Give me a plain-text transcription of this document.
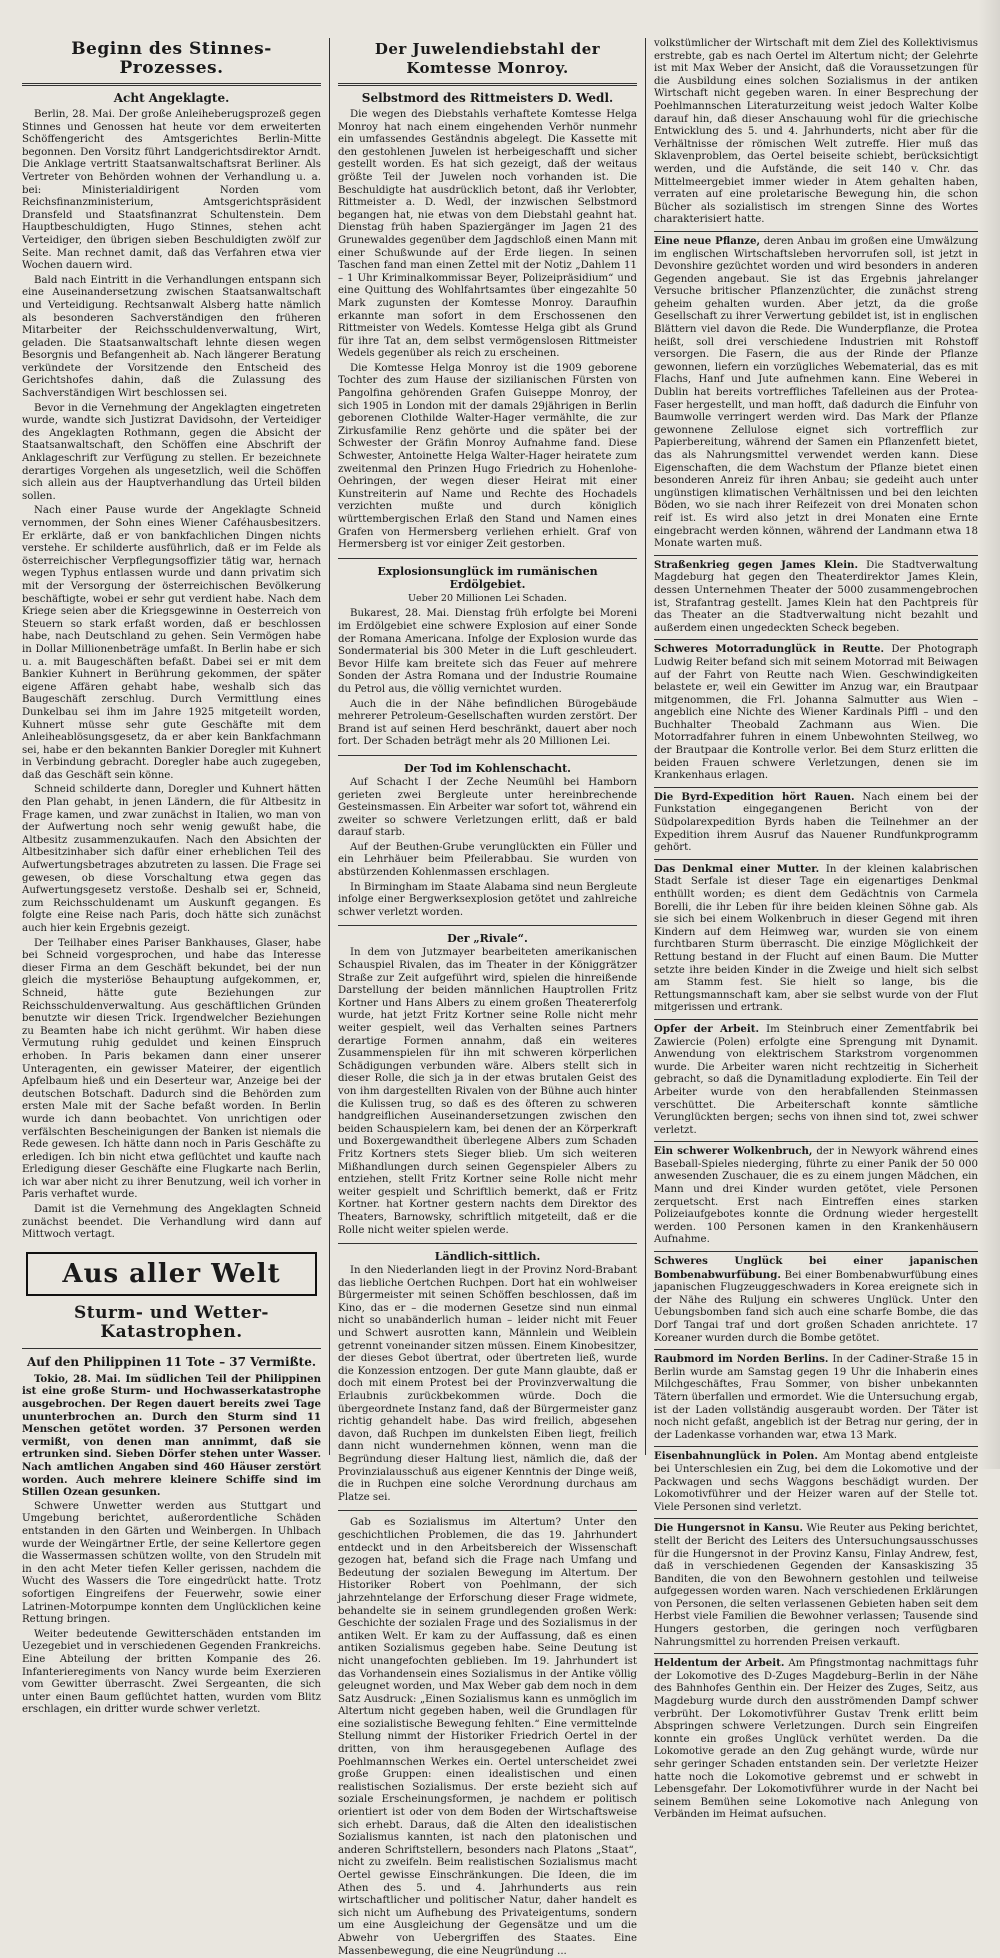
Beginn des Stinnes-Prozesses.
Acht Angeklagte.

Berlin, 28. Mai. Der große Anleiheberugsprozeß gegen Stinnes und Genossen hat heute vor dem erweiterten Schöffengericht des Amtsgerichtes Berlin-Mitte begonnen. Den Vorsitz führt Landgerichtsdirektor Arndt. Die Anklage vertritt Staatsanwaltschaftsrat Berliner. Als Vertreter von Behörden wohnen der Verhandlung u. a. bei: Ministerialdirigent Norden vom Reichsfinanzministerium, Amtsgerichtspräsident Dransfeld und Staatsfinanzrat Schultenstein. Dem Hauptbeschuldigten, Hugo Stinnes, stehen acht Verteidiger, den übrigen sieben Beschuldigten zwölf zur Seite. Man rechnet damit, daß das Verfahren etwa vier Wochen dauern wird.

Bald nach Eintritt in die Verhandlungen entspann sich eine Auseinandersetzung zwischen Staatsanwaltschaft und Verteidigung. Rechtsanwalt Alsberg hatte nämlich als besonderen Sachverständigen den früheren Mitarbeiter der Reichsschuldenverwaltung, Wirt, geladen. Die Staatsanwaltschaft lehnte diesen wegen Besorgnis und Befangenheit ab. Nach längerer Beratung verkündete der Vorsitzende den Entscheid des Gerichtshofes dahin, daß die Zulassung des Sachverständigen Wirt beschlossen sei.

Bevor in die Vernehmung der Angeklagten eingetreten wurde, wandte sich Justizrat Davidsohn, der Verteidiger des Angeklagten Rothmann, gegen die Absicht der Staatsanwaltschaft, den Schöffen eine Abschrift der Anklageschrift zur Verfügung zu stellen. Er bezeichnete derartiges Vorgehen als ungesetzlich, weil die Schöffen sich allein aus der Hauptverhandlung das Urteil bilden sollen.

Nach einer Pause wurde der Angeklagte Schneid vernommen, der Sohn eines Wiener Caféhausbesitzers. Er erklärte, daß er von bankfachlichen Dingen nichts verstehe. Er schilderte ausführlich, daß er im Felde als österreichischer Verpflegungsoffizier tätig war, hernach wegen Typhus entlassen wurde und dann privatim sich mit der Versorgung der österreichischen Bevölkerung beschäftigte, wobei er sehr gut verdient habe. Nach dem Kriege seien aber die Kriegsgewinne in Oesterreich von Steuern so stark erfaßt worden, daß er beschlossen habe, nach Deutschland zu gehen. Sein Vermögen habe in Dollar Millionenbeträge umfaßt. In Berlin habe er sich u. a. mit Baugeschäften befaßt. Dabei sei er mit dem Bankier Kuhnert in Berührung gekommen, der später eigene Affären gehabt habe, weshalb sich das Baugeschäft zerschlug. Durch Vermittlung eines Dunkelbau sei ihm im Jahre 1925 mitgeteilt worden, Kuhnert müsse sehr gute Geschäfte mit dem Anleiheablösungsgesetz, da er aber kein Bankfachmann sei, habe er den bekannten Bankier Doregler mit Kuhnert in Verbindung gebracht. Doregler habe auch zugegeben, daß das Geschäft sein könne.

Schneid schilderte dann, Doregler und Kuhnert hätten den Plan gehabt, in jenen Ländern, die für Altbesitz in Frage kamen, und zwar zunächst in Italien, wo man von der Aufwertung noch sehr wenig gewußt habe, die Altbesitz zusammenzukaufen. Nach den Absichten der Altbesitzinhaber sich dafür einer erheblichen Teil des Aufwertungsbetrages abzutreten zu lassen. Die Frage sei gewesen, ob diese Vorschaltung etwa gegen das Aufwertungsgesetz verstoße. Deshalb sei er, Schneid, zum Reichsschuldenamt um Auskunft gegangen. Es folgte eine Reise nach Paris, doch hätte sich zunächst auch hier kein Ergebnis gezeigt.

Der Teilhaber eines Pariser Bankhauses, Glaser, habe bei Schneid vorgesprochen, und habe das Interesse dieser Firma an dem Geschäft bekundet, bei der nun gleich die mysteriöse Behauptung aufgekommen, er, Schneid, hätte gute Beziehungen zur Reichsschuldenverwaltung. Aus geschäftlichen Gründen benutzte wir diesen Trick. Irgendwelcher Beziehungen zu Beamten habe ich nicht gerühmt. Wir haben diese Vermutung ruhig geduldet und keinen Einspruch erhoben. In Paris bekamen dann einer unserer Unteragenten, ein gewisser Mateirer, der eigentlich Apfelbaum hieß und ein Deserteur war, Anzeige bei der deutschen Botschaft. Dadurch sind die Behörden zum ersten Male mit der Sache befaßt worden. In Berlin wurde ich dann beobachtet. Von unrichtigen oder verfälschten Bescheinigungen der Banken ist niemals die Rede gewesen. Ich hätte dann noch in Paris Geschäfte zu erledigen. Ich bin nicht etwa geflüchtet und kaufte nach Erledigung dieser Geschäfte eine Flugkarte nach Berlin, ich war aber nicht zu ihrer Benutzung, weil ich vorher in Paris verhaftet wurde.

Damit ist die Vernehmung des Angeklagten Schneid zunächst beendet. Die Verhandlung wird dann auf Mittwoch vertagt.

Aus aller Welt
Sturm- und Wetter-Katastrophen.
Auf den Philippinen 11 Tote – 37 Vermißte.

Tokio, 28. Mai. Im südlichen Teil der Philippinen ist eine große Sturm- und Hochwasserkatastrophe ausgebrochen. Der Regen dauert bereits zwei Tage ununterbrochen an. Durch den Sturm sind 11 Menschen getötet worden. 37 Personen werden vermißt, von denen man annimmt, daß sie ertrunken sind. Sieben Dörfer stehen unter Wasser. Nach amtlichen Angaben sind 460 Häuser zerstört worden. Auch mehrere kleinere Schiffe sind im Stillen Ozean gesunken.

Schwere Unwetter werden aus Stuttgart und Umgebung berichtet, außerordentliche Schäden entstanden in den Gärten und Weinbergen. In Uhlbach wurde der Weingärtner Ertle, der seine Kellertore gegen die Wassermassen schützen wollte, von den Strudeln mit in den acht Meter tiefen Keller gerissen, nachdem die Wucht des Wassers die Tore eingedrückt hatte. Trotz sofortigen Eingreifens der Feuerwehr, sowie einer Latrinen-Motorpumpe konnten dem Unglücklichen keine Rettung bringen.

Weiter bedeutende Gewitterschäden entstanden im Uezegebiet und in verschiedenen Gegenden Frankreichs. Eine Abteilung der britten Kompanie des 26. Infanterieregiments von Nancy wurde beim Exerzieren vom Gewitter überrascht. Zwei Sergeanten, die sich unter einen Baum geflüchtet hatten, wurden vom Blitz erschlagen, ein dritter wurde schwer verletzt.

Der Juwelendiebstahl der Komtesse Monroy.
Selbstmord des Rittmeisters D. Wedl.

Die wegen des Diebstahls verhaftete Komtesse Helga Monroy hat nach einem eingehenden Verhör nunmehr ein umfassendes Geständnis abgelegt. Die Kassette mit den gestohlenen Juwelen ist herbeigeschafft und sicher gestellt worden. Es hat sich gezeigt, daß der weitaus größte Teil der Juwelen noch vorhanden ist. Die Beschuldigte hat ausdrücklich betont, daß ihr Verlobter, Rittmeister a. D. Wedl, der inzwischen Selbstmord begangen hat, nie etwas von dem Diebstahl geahnt hat. Dienstag früh haben Spaziergänger im Jagen 21 des Grunewaldes gegenüber dem Jagdschloß einen Mann mit einer Schußwunde auf der Erde liegen. In seinen Taschen fand man einen Zettel mit der Notiz „Dahlem 11 – 1 Uhr Kriminalkommissar Beyer, Polizeipräsidium“ und eine Quittung des Wohlfahrtsamtes über eingezahlte 50 Mark zugunsten der Komtesse Monroy. Daraufhin erkannte man sofort in dem Erschossenen den Rittmeister von Wedels. Komtesse Helga gibt als Grund für ihre Tat an, dem selbst vermögenslosen Rittmeister Wedels gegenüber als reich zu erscheinen.

Die Komtesse Helga Monroy ist die 1909 geborene Tochter des zum Hause der sizilianischen Fürsten von Pangolfina gehörenden Grafen Guiseppe Monroy, der sich 1905 in London mit der damals 29jährigen in Berlin geborenen Clothilde Walter-Hager vermählte, die zur Zirkusfamilie Renz gehörte und die später bei der Schwester der Gräfin Monroy Aufnahme fand. Diese Schwester, Antoinette Helga Walter-Hager heiratete zum zweitenmal den Prinzen Hugo Friedrich zu Hohenlohe-Oehringen, der wegen dieser Heirat mit einer Kunstreiterin auf Name und Rechte des Hochadels verzichten mußte und durch königlich württembergischen Erlaß den Stand und Namen eines Grafen von Hermersberg verliehen erhielt. Graf von Hermersberg ist vor einiger Zeit gestorben.

Explosionsunglück im rumänischen Erdölgebiet.
Ueber 20 Millionen Lei Schaden.

Bukarest, 28. Mai. Dienstag früh erfolgte bei Moreni im Erdölgebiet eine schwere Explosion auf einer Sonde der Romana Americana. Infolge der Explosion wurde das Sondermaterial bis 300 Meter in die Luft geschleudert. Bevor Hilfe kam breitete sich das Feuer auf mehrere Sonden der Astra Romana und der Industrie Roumaine du Petrol aus, die völlig vernichtet wurden.

Auch die in der Nähe befindlichen Bürogebäude mehrerer Petroleum-Gesellschaften wurden zerstört. Der Brand ist auf seinen Herd beschränkt, dauert aber noch fort. Der Schaden beträgt mehr als 20 Millionen Lei.

Der Tod im Kohlenschacht.

Auf Schacht I der Zeche Neumühl bei Hamborn gerieten zwei Bergleute unter hereinbrechende Gesteinsmassen. Ein Arbeiter war sofort tot, während ein zweiter so schwere Verletzungen erlitt, daß er bald darauf starb.

Auf der Beuthen-Grube verunglückten ein Füller und ein Lehrhäuer beim Pfeilerabbau. Sie wurden von abstürzenden Kohlenmassen erschlagen.

In Birmingham im Staate Alabama sind neun Bergleute infolge einer Bergwerksexplosion getötet und zahlreiche schwer verletzt worden.

Der „Rivale“.

In dem von Jutzmayer bearbeiteten amerikanischen Schauspiel Rivalen, das im Theater in der Königgrätzer Straße zur Zeit aufgeführt wird, spielen die hinreißende Darstellung der beiden männlichen Hauptrollen Fritz Kortner und Hans Albers zu einem großen Theatererfolg wurde, hat jetzt Fritz Kortner seine Rolle nicht mehr weiter gespielt, weil das Verhalten seines Partners derartige Formen annahm, daß ein weiteres Zusammenspielen für ihn mit schweren körperlichen Schädigungen verbunden wäre. Albers stellt sich in dieser Rolle, die sich ja in der etwas brutalen Geist des von ihm dargestellten Rivalen von der Bühne auch hinter die Kulissen trug, so daß es des öfteren zu schweren handgreiflichen Auseinandersetzungen zwischen den beiden Schauspielern kam, bei denen der an Körperkraft und Boxergewandtheit überlegene Albers zum Schaden Fritz Kortners stets Sieger blieb. Um sich weiteren Mißhandlungen durch seinen Gegenspieler Albers zu entziehen, stellt Fritz Kortner seine Rolle nicht mehr weiter gespielt und Schriftlich bemerkt, daß er Fritz Kortner. hat Kortner gestern nachts dem Direktor des Theaters, Barnowsky, schriftlich mitgeteilt, daß er die Rolle nicht weiter spielen werde.

Ländlich-sittlich.

In den Niederlanden liegt in der Provinz Nord-Brabant das liebliche Oertchen Ruchpen. Dort hat ein wohlweiser Bürgermeister mit seinen Schöffen beschlossen, daß im Kino, das er – die modernen Gesetze sind nun einmal nicht so unabänderlich human – leider nicht mit Feuer und Schwert ausrotten kann, Männlein und Weiblein getrennt voneinander sitzen müssen. Einem Kinobesitzer, der dieses Gebot übertrat, oder übertreten ließ, wurde die Konzession entzogen. Der gute Mann glaubte, daß er doch mit einem Protest bei der Provinzverwaltung die Erlaubnis zurückbekommen würde. Doch die übergeordnete Instanz fand, daß der Bürgermeister ganz richtig gehandelt habe. Das wird freilich, abgesehen davon, daß Ruchpen im dunkelsten Eiben liegt, freilich dann nicht wundernehmen können, wenn man die Begründung dieser Haltung liest, nämlich die, daß der Provinzialausschuß aus eigener Kenntnis der Dinge weiß, die in Ruchpen eine solche Verordnung durchaus am Platze sei.

Gab es Sozialismus im Altertum? Unter den geschichtlichen Problemen, die das 19. Jahrhundert entdeckt und in den Arbeitsbereich der Wissenschaft gezogen hat, befand sich die Frage nach Umfang und Bedeutung der sozialen Bewegung im Altertum. Der Historiker Robert von Poehlmann, der sich jahrzehntelange der Erforschung dieser Frage widmete, behandelte sie in seinem grundlegenden großen Werk: Geschichte der sozialen Frage und des Sozialismus in der antiken Welt. Er kam zu der Auffassung, daß es einen antiken Sozialismus gegeben habe. Seine Deutung ist nicht unangefochten geblieben. Im 19. Jahrhundert ist das Vorhandensein eines Sozialismus in der Antike völlig geleugnet worden, und Max Weber gab dem noch in dem Satz Ausdruck: „Einen Sozialismus kann es unmöglich im Altertum nicht gegeben haben, weil die Grundlagen für eine sozialistische Bewegung fehlten.“ Eine vermittelnde Stellung nimmt der Historiker Friedrich Oertel in der dritten, von ihm herausgegebenen Auflage des Poehlmannschen Werkes ein. Oertel unterscheidet zwei große Gruppen: einen idealistischen und einen realistischen Sozialismus. Der erste bezieht sich auf soziale Erscheinungsformen, je nachdem er politisch orientiert ist oder von dem Boden der Wirtschaftsweise sich erhebt. Daraus, daß die Alten den idealistischen Sozialismus kannten, ist nach den platonischen und anderen Schriftstellern, besonders nach Platons „Staat“, nicht zu zweifeln. Beim realistischen Sozialismus macht Oertel gewisse Einschränkungen. Die Ideen, die im Athen des 5. und 4. Jahrhunderts aus rein wirtschaftlicher und politischer Natur, daher handelt es sich nicht um Aufhebung des Privateigentums, sondern um eine Ausgleichung der Gegensätze und um die Abwehr von Uebergriffen des Staates. Eine Massenbewegung, die eine Neugründung ...

volkstümlicher der Wirtschaft mit dem Ziel des Kollektivismus erstrebte, gab es nach Oertel im Altertum nicht; der Gelehrte ist mit Max Weber der Ansicht, daß die Voraussetzungen für die Ausbildung eines solchen Sozialismus in der antiken Wirtschaft nicht gegeben waren. In einer Besprechung der Poehlmannschen Literaturzeitung weist jedoch Walter Kolbe darauf hin, daß dieser Anschauung wohl für die griechische Entwicklung des 5. und 4. Jahrhunderts, nicht aber für die Verhältnisse der römischen Welt zutreffe. Hier muß das Sklavenproblem, das Oertel beiseite schiebt, berücksichtigt werden, und die Aufstände, die seit 140 v. Chr. das Mittelmeergebiet immer wieder in Atem gehalten haben, verraten auf eine proletarische Bewegung hin, die schon Bücher als sozialistisch im strengen Sinne des Wortes charakterisiert hatte.

Eine neue Pflanze, deren Anbau im großen eine Umwälzung im englischen Wirtschaftsleben hervorrufen soll, ist jetzt in Devonshire gezüchtet worden und wird besonders in anderen Gegenden angebaut. Sie ist das Ergebnis jahrelanger Versuche britischer Pflanzenzüchter, die zunächst streng geheim gehalten wurden. Aber jetzt, da die große Gesellschaft zu ihrer Verwertung gebildet ist, ist in englischen Blättern viel davon die Rede. Die Wunderpflanze, die Protea heißt, soll drei verschiedene Industrien mit Rohstoff versorgen. Die Fasern, die aus der Rinde der Pflanze gewonnen, liefern ein vorzügliches Webematerial, das es mit Flachs, Hanf und Jute aufnehmen kann. Eine Weberei in Dublin hat bereits vortreffliches Tafelleinen aus der Protea-Faser hergestellt, und man hofft, daß dadurch die Einfuhr von Baumwolle verringert werden wird. Das Mark der Pflanze gewonnene Zellulose eignet sich vortrefflich zur Papierbereitung, während der Samen ein Pflanzenfett bietet, das als Nahrungsmittel verwendet werden kann. Diese Eigenschaften, die dem Wachstum der Pflanze bietet einen besonderen Anreiz für ihren Anbau; sie gedeiht auch unter ungünstigen klimatischen Verhältnissen und bei den leichten Böden, wo sie nach ihrer Reifezeit von drei Monaten schon reif ist. Es wird also jetzt in drei Monaten eine Ernte eingebracht werden können, während der Landmann etwa 18 Monate warten muß.

Straßenkrieg gegen James Klein. Die Stadtverwaltung Magdeburg hat gegen den Theaterdirektor James Klein, dessen Unternehmen Theater der 5000 zusammengebrochen ist, Strafantrag gestellt. James Klein hat den Pachtpreis für das Theater an die Stadtverwaltung nicht bezahlt und außerdem einen ungedeckten Scheck begeben.

Schweres Motorradunglück in Reutte. Der Photograph Ludwig Reiter befand sich mit seinem Motorrad mit Beiwagen auf der Fahrt von Reutte nach Wien. Geschwindigkeiten belastete er, weil ein Gewitter im Anzug war, ein Brautpaar mitgenommen, die Frl. Johanna Salmutter aus Wien – angeblich eine Nichte des Wiener Kardinals Piffl – und den Buchhalter Theobald Zachmann aus Wien. Die Motorradfahrer fuhren in einem Unbewohnten Steilweg, wo der Brautpaar die Kontrolle verlor. Bei dem Sturz erlitten die beiden Frauen schwere Verletzungen, denen sie im Krankenhaus erlagen.

Die Byrd-Expedition hört Rauen. Nach einem bei der Funkstation eingegangenen Bericht von der Südpolarexpedition Byrds haben die Teilnehmer an der Expedition ihrem Ausruf das Nauener Rundfunkprogramm gehört.

Das Denkmal einer Mutter. In der kleinen kalabrischen Stadt Serfale ist dieser Tage ein eigenartiges Denkmal enthüllt worden; es dient dem Gedächtnis von Carmela Borelli, die ihr Leben für ihre beiden kleinen Söhne gab. Als sie sich bei einem Wolkenbruch in dieser Gegend mit ihren Kindern auf dem Heimweg war, wurden sie von einem furchtbaren Sturm überrascht. Die einzige Möglichkeit der Rettung bestand in der Flucht auf einen Baum. Die Mutter setzte ihre beiden Kinder in die Zweige und hielt sich selbst am Stamm fest. Sie hielt so lange, bis die Rettungsmannschaft kam, aber sie selbst wurde von der Flut mitgerissen und ertrank.

Opfer der Arbeit. Im Steinbruch einer Zementfabrik bei Zawiercie (Polen) erfolgte eine Sprengung mit Dynamit. Anwendung von elektrischem Starkstrom vorgenommen wurde. Die Arbeiter waren nicht rechtzeitig in Sicherheit gebracht, so daß die Dynamitladung explodierte. Ein Teil der Arbeiter wurde von den herabfallenden Steinmassen verschüttet. Die Arbeiterschaft konnte sämtliche Verunglückten bergen; sechs von ihnen sind tot, zwei schwer verletzt.

Ein schwerer Wolkenbruch, der in Newyork während eines Baseball-Spieles niederging, führte zu einer Panik der 50 000 anwesenden Zuschauer, die es zu einem jungen Mädchen, ein Mann und drei Kinder wurden getötet, viele Personen zerquetscht. Erst nach Eintreffen eines starken Polizeiaufgebotes konnte die Ordnung wieder hergestellt werden. 100 Personen kamen in den Krankenhäusern Aufnahme.

Schweres Unglück bei einer japanischen Bombenabwurfübung. Bei einer Bombenabwurfübung eines japanischen Flugzeuggeschwaders in Korea ereignete sich in der Nähe des Ruljung ein schweres Unglück. Unter den Uebungsbomben fand sich auch eine scharfe Bombe, die das Dorf Tangai traf und dort großen Schaden anrichtete. 17 Koreaner wurden durch die Bombe getötet.

Raubmord im Norden Berlins. In der Cadiner-Straße 15 in Berlin wurde am Samstag gegen 19 Uhr die Inhaberin eines Milchgeschäftes, Frau Sommer, von bisher unbekannten Tätern überfallen und ermordet. Wie die Untersuchung ergab, ist der Laden vollständig ausgeraubt worden. Der Täter ist noch nicht gefaßt, angeblich ist der Betrag nur gering, der in der Ladenkasse vorhanden war, etwa 13 Mark.

Eisenbahnunglück in Polen. Am Montag abend entgleiste bei Unterschlesien ein Zug, bei dem die Lokomotive und der Packwagen und sechs Waggons beschädigt wurden. Der Lokomotivführer und der Heizer waren auf der Stelle tot. Viele Personen sind verletzt.

Die Hungersnot in Kansu. Wie Reuter aus Peking berichtet, stellt der Bericht des Leiters des Untersuchungsausschusses für die Hungersnot in der Provinz Kansu, Finlay Andrew, fest, daß in verschiedenen Gegenden der Kansaskiszing 35 Banditen, die von den Bewohnern gestohlen und teilweise aufgegessen worden waren. Nach verschiedenen Erklärungen von Personen, die selten verlassenen Gebieten haben seit dem Herbst viele Familien die Bewohner verlassen; Tausende sind Hungers gestorben, die geringen noch verfügbaren Nahrungsmittel zu horrenden Preisen verkauft.

Heldentum der Arbeit. Am Pfingstmontag nachmittags fuhr der Lokomotive des D-Zuges Magdeburg–Berlin in der Nähe des Bahnhofes Genthin ein. Der Heizer des Zuges, Seitz, aus Magdeburg wurde durch den ausströmenden Dampf schwer verbrüht. Der Lokomotivführer Gustav Trenk erlitt beim Abspringen schwere Verletzungen. Durch sein Eingreifen konnte ein großes Unglück verhütet werden. Da die Lokomotive gerade an den Zug gehängt wurde, würde nur sehr geringer Schaden entstanden sein. Der verletzte Heizer hatte noch die Lokomotive gebremst und er schwebt in Lebensgefahr. Der Lokomotivführer wurde in der Nacht bei seinem Bemühen seine Lokomotive nach Anlegung von Verbänden im Heimat aufsuchen.
